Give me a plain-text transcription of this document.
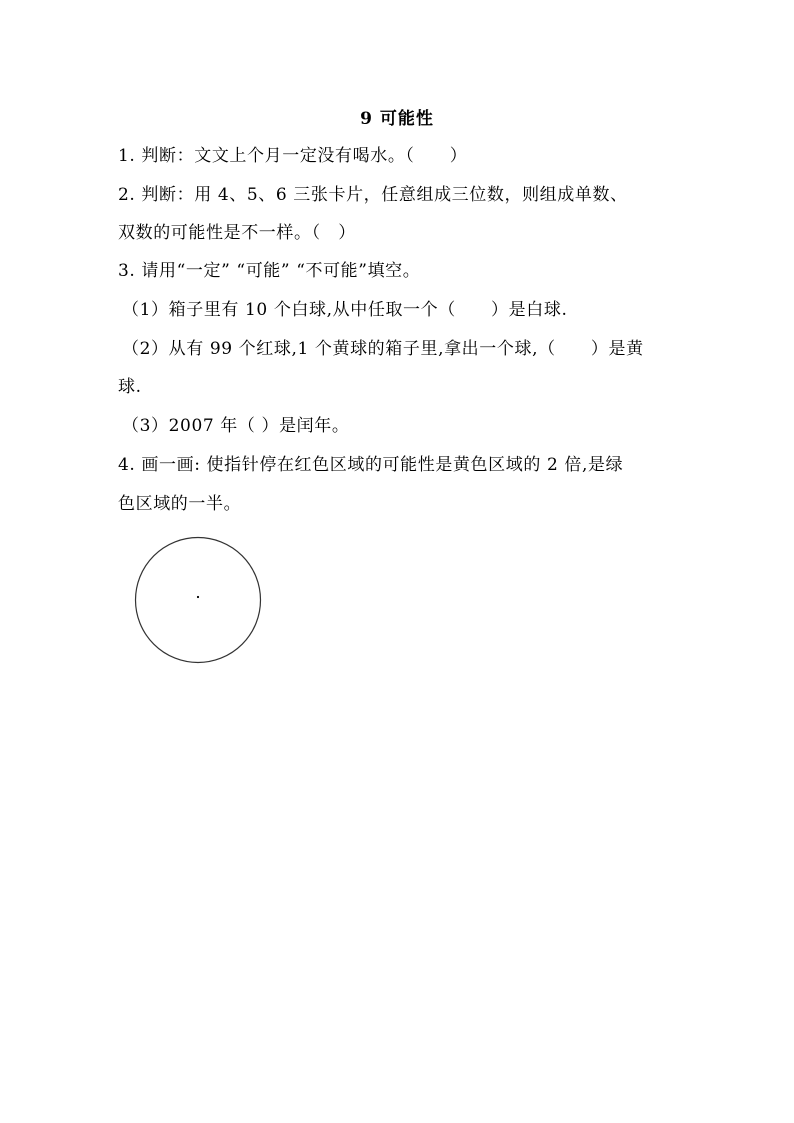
9 可能性
1. 判断：文文上个月一定没有喝水。（　　）
2. 判断：用 4、5、6 三张卡片，任意组成三位数，则组成单数、
双数的可能性是不一样。（　）
3. 请用“一定” “可能” “不可能”填空。
（1）箱子里有 10 个白球,从中任取一个（　　）是白球.
（2）从有 99 个红球,1 个黄球的箱子里,拿出一个球,（　　）是黄
球.
（3）2007 年（ ）是闰年。
4. 画一画: 使指针停在红色区域的可能性是黄色区域的 2 倍,是绿
色区域的一半。
